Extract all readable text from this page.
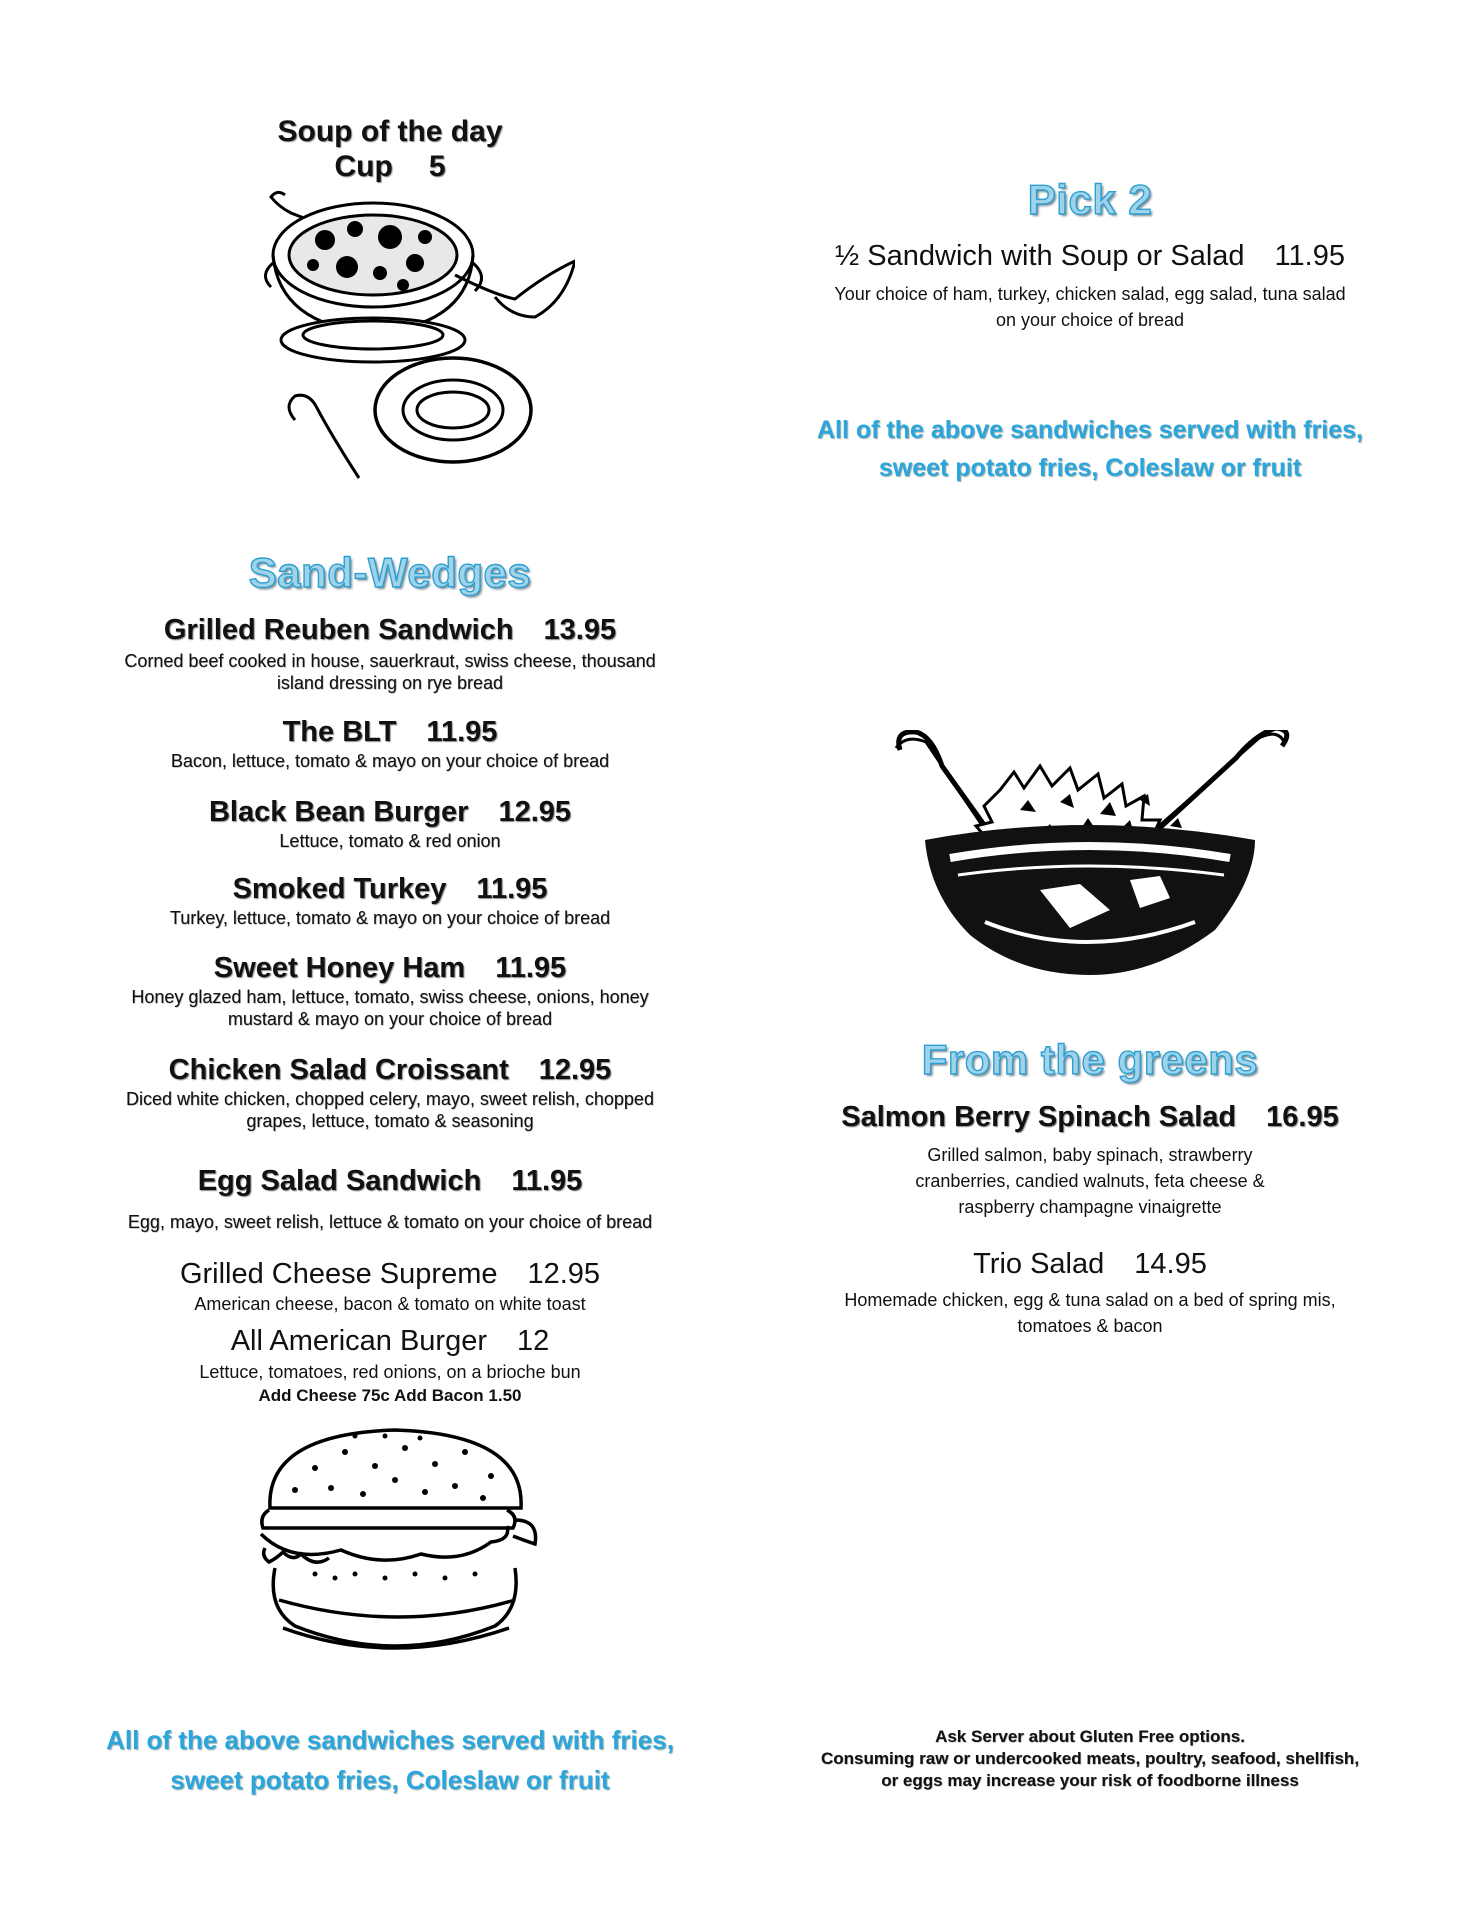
Soup of the day
Cup 5
Pick 2
½ Sandwich with Soup or Salad 11.95
Your choice of ham, turkey, chicken salad, egg salad, tuna salad
on your choice of bread
All of the above sandwiches served with fries,
sweet potato fries, Coleslaw or fruit
Sand-Wedges
Grilled Reuben Sandwich 13.95
Corned beef cooked in house, sauerkraut, swiss cheese, thousand island dressing on rye bread
The BLT 11.95
Bacon, lettuce, tomato & mayo on your choice of bread
Black Bean Burger 12.95
Lettuce, tomato & red onion
Smoked Turkey 11.95
Turkey, lettuce, tomato & mayo on your choice of bread
Sweet Honey Ham 11.95
Honey glazed ham, lettuce, tomato, swiss cheese, onions, honey mustard & mayo on your choice of bread
Chicken Salad Croissant 12.95
Diced white chicken, chopped celery, mayo, sweet relish, chopped grapes, lettuce, tomato & seasoning
Egg Salad Sandwich 11.95
Egg, mayo, sweet relish, lettuce & tomato on your choice of bread
Grilled Cheese Supreme 12.95
American cheese, bacon & tomato on white toast
All American Burger 12
Lettuce, tomatoes, red onions, on a brioche bun
Add Cheese 75c Add Bacon 1.50
All of the above sandwiches served with fries,
sweet potato fries, Coleslaw or fruit
From the greens
Salmon Berry Spinach Salad 16.95
Grilled salmon, baby spinach, strawberry
cranberries, candied walnuts, feta cheese &
raspberry champagne vinaigrette
Trio Salad 14.95
Homemade chicken, egg & tuna salad on a bed of spring mis,
tomatoes & bacon
Ask Server about Gluten Free options.
Consuming raw or undercooked meats, poultry, seafood, shellfish,
or eggs may increase your risk of foodborne illness
